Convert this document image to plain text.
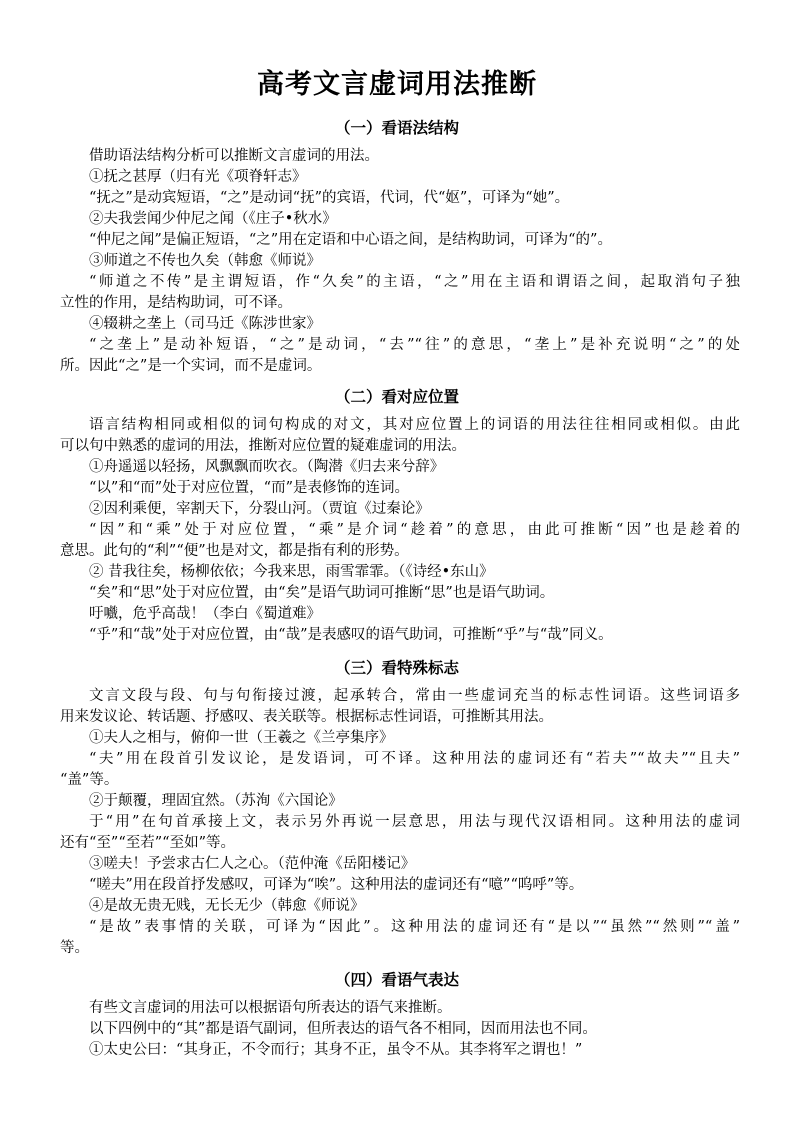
高考文言虚词用法推断
（一）看语法结构

借助语法结构分析可以推断文言虚词的用法。

①抚之甚厚（归有光《项脊轩志》

“抚之”是动宾短语，“之”是动词“抚”的宾语，代词，代“妪”，可译为“她”。

②夫我尝闻少仲尼之闻（《庄子•秋水》

“仲尼之闻”是偏正短语，“之”用在定语和中心语之间，是结构助词，可译为“的”。

③师道之不传也久矣（韩愈《师说》

“师道之不传”是主谓短语，作“久矣”的主语，“之”用在主语和谓语之间，起取消句子独

立性的作用，是结构助词，可不译。

④辍耕之垄上（司马迁《陈涉世家》

“之垄上”是动补短语，“之”是动词，“去”“往”的意思，“垄上”是补充说明“之”的处

所。因此“之”是一个实词，而不是虚词。

（二）看对应位置

语言结构相同或相似的词句构成的对文，其对应位置上的词语的用法往往相同或相似。由此

可以句中熟悉的虚词的用法，推断对应位置的疑难虚词的用法。

①舟遥遥以轻扬，风飘飘而吹衣。（陶潜《归去来兮辞》

“以”和“而”处于对应位置，“而”是表修饰的连词。

②因利乘便，宰割天下，分裂山河。（贾谊《过秦论》

“因”和“乘”处于对应位置，“乘”是介词“趁着”的意思，由此可推断“因”也是趁着的

意思。此句的“利”“便”也是对文，都是指有利的形势。

② 昔我往矣，杨柳依依；今我来思，雨雪霏霏。（《诗经•东山》

“矣”和“思”处于对应位置，由“矣”是语气助词可推断“思”也是语气助词。

吁嚱，危乎高哉！（李白《蜀道难》

“乎”和“哉”处于对应位置，由“哉”是表感叹的语气助词，可推断“乎”与“哉”同义。

（三）看特殊标志

文言文段与段、句与句衔接过渡，起承转合，常由一些虚词充当的标志性词语。这些词语多

用来发议论、转话题、抒感叹、表关联等。根据标志性词语，可推断其用法。

①夫人之相与，俯仰一世（王羲之《兰亭集序》

“夫”用在段首引发议论，是发语词，可不译。这种用法的虚词还有“若夫”“故夫”“且夫”

“盖”等。

②于颠覆，理固宜然。（苏洵《六国论》

于“用”在句首承接上文，表示另外再说一层意思，用法与现代汉语相同。这种用法的虚词

还有“至”“至若”“至如”等。

③嗟夫！予尝求古仁人之心。（范仲淹《岳阳楼记》

“嗟夫”用在段首抒发感叹，可译为“唉”。这种用法的虚词还有“噫”“呜呼”等。

④是故无贵无贱，无长无少（韩愈《师说》

“是故”表事情的关联，可译为“因此”。这种用法的虚词还有“是以”“虽然”“然则”“盖”

等。

（四）看语气表达

有些文言虚词的用法可以根据语句所表达的语气来推断。

以下四例中的“其”都是语气副词，但所表达的语气各不相同，因而用法也不同。

①太史公曰：“其身正，不令而行；其身不正，虽令不从。其李将军之谓也！”
